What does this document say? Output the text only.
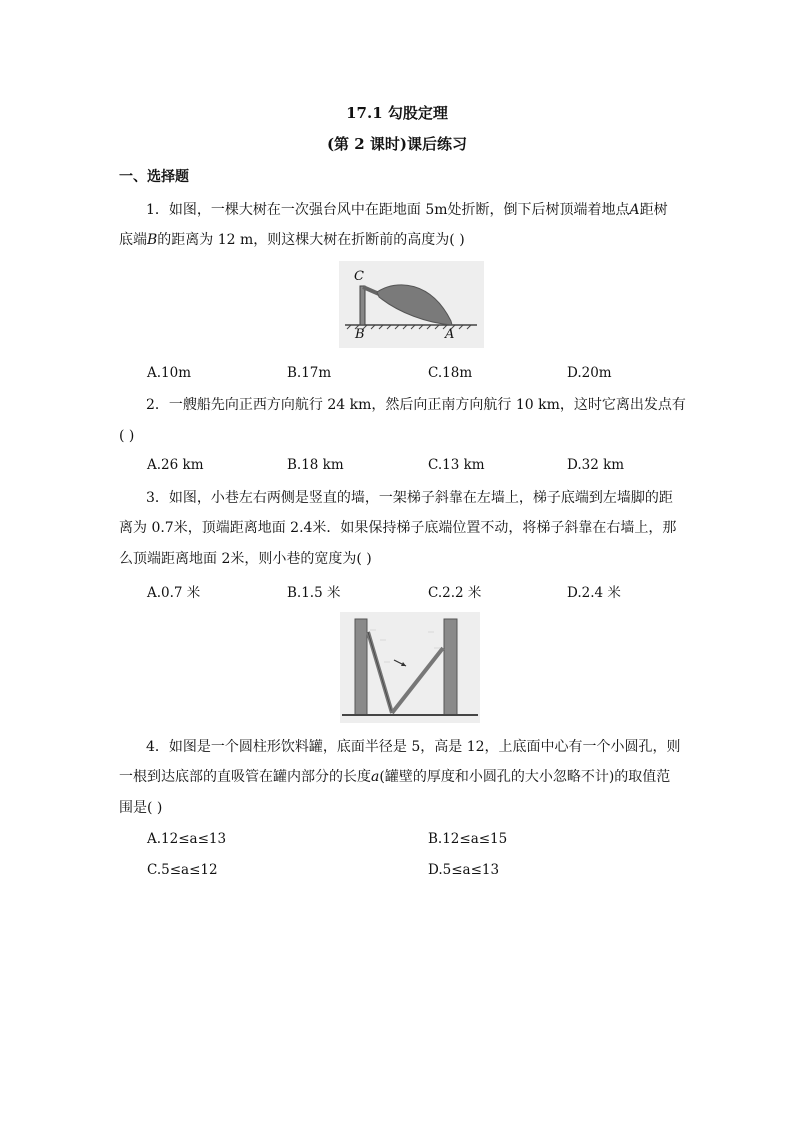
17.1 勾股定理
(第 2 课时)课后练习
一、选择题
1．如图，一棵大树在一次强台风中在距地面 5m处折断，倒下后树顶端着地点A距树
底端B的距离为 12 m，则这棵大树在折断前的高度为( )
C
B	A
A.10m	B.17m	C.18m	D.20m
2．一艘船先向正西方向航行 24 km，然后向正南方向航行 10 km，这时它离出发点有
( )
A.26 km	B.18 km	C.13 km	D.32 km
3．如图，小巷左右两侧是竖直的墙，一架梯子斜靠在左墙上，梯子底端到左墙脚的距
离为 0.7米，顶端距离地面 2.4米．如果保持梯子底端位置不动，将梯子斜靠在右墙上，那
么顶端距离地面 2米，则小巷的宽度为( )
A.0.7 米	B.1.5 米	C.2.2 米	D.2.4 米
4．如图是一个圆柱形饮料罐，底面半径是 5，高是 12，上底面中心有一个小圆孔，则
一根到达底部的直吸管在罐内部分的长度a(罐壁的厚度和小圆孔的大小忽略不计)的取值范
围是( )
A.12≤a≤13	B.12≤a≤15
C.5≤a≤12	D.5≤a≤13
